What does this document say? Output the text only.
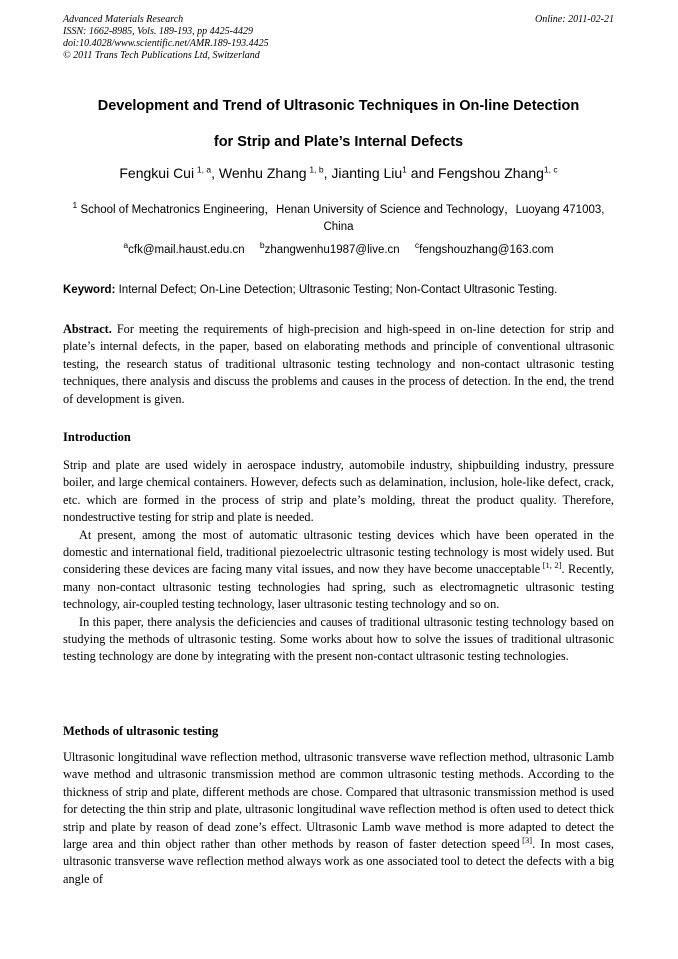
Advanced Materials Research
ISSN: 1662-8985, Vols. 189-193, pp 4425-4429
doi:10.4028/www.scientific.net/AMR.189-193.4425
© 2011 Trans Tech Publications Ltd, Switzerland
Online: 2011-02-21
Development and Trend of Ultrasonic Techniques in On-line Detection
for Strip and Plate’s Internal Defects
Fengkui Cui  $^{1, a}$, Wenhu Zhang  $^{1, b}$, Jianting Liu$^1$ and Fengshou Zhang$^{1, c}$
$^1$ School of Mechatronics Engineering，Henan University of Science and Technology，Luoyang 471003, China
$^a$cfk@mail.haust.edu.cn $^b$zhangwenhu1987@live.cn $^c$fengshouzhang@163.com
Keyword: Internal Defect; On-Line Detection; Ultrasonic Testing; Non-Contact Ultrasonic Testing.
Abstract. For meeting the requirements of high-precision and high-speed in on-line detection for strip and plate’s internal defects, in the paper, based on elaborating methods and principle of conventional ultrasonic testing, the research status of traditional ultrasonic testing technology and non-contact ultrasonic testing techniques, there analysis and discuss the problems and causes in the process of detection. In the end, the trend of development is given.
Introduction

Strip and plate are used widely in aerospace industry, automobile industry, shipbuilding industry, pressure boiler, and large chemical containers. However, defects such as delamination, inclusion, hole-like defect, crack, etc. which are formed in the process of strip and plate’s molding, threat the product quality. Therefore, nondestructive testing for strip and plate is needed.

At present, among the most of automatic ultrasonic testing devices which have been operated in the domestic and international field, traditional piezoelectric ultrasonic testing technology is most widely used. But considering these devices are facing many vital issues, and now they have become unacceptable  [1, 2]. Recently, many non-contact ultrasonic testing technologies had spring, such as electromagnetic ultrasonic testing technology, air-coupled testing technology, laser ultrasonic testing technology and so on.

In this paper, there analysis the deficiencies and causes of traditional ultrasonic testing technology based on studying the methods of ultrasonic testing. Some works about how to solve the issues of traditional ultrasonic testing technology are done by integrating with the present non-contact ultrasonic testing technologies.

Methods of ultrasonic testing
Ultrasonic longitudinal wave reflection method, ultrasonic transverse wave reflection method, ultrasonic Lamb wave method and ultrasonic transmission method are common ultrasonic testing methods. According to the thickness of strip and plate, different methods are chose. Compared that ultrasonic transmission method is used for detecting the thin strip and plate, ultrasonic longitudinal wave reflection method is often used to detect thick strip and plate by reason of dead zone’s effect. Ultrasonic Lamb wave method is more adapted to detect the large area and thin object rather than other methods by reason of faster detection speed  [3]. In most cases, ultrasonic transverse wave reflection method always work as one associated tool to detect the defects with a big angle of
